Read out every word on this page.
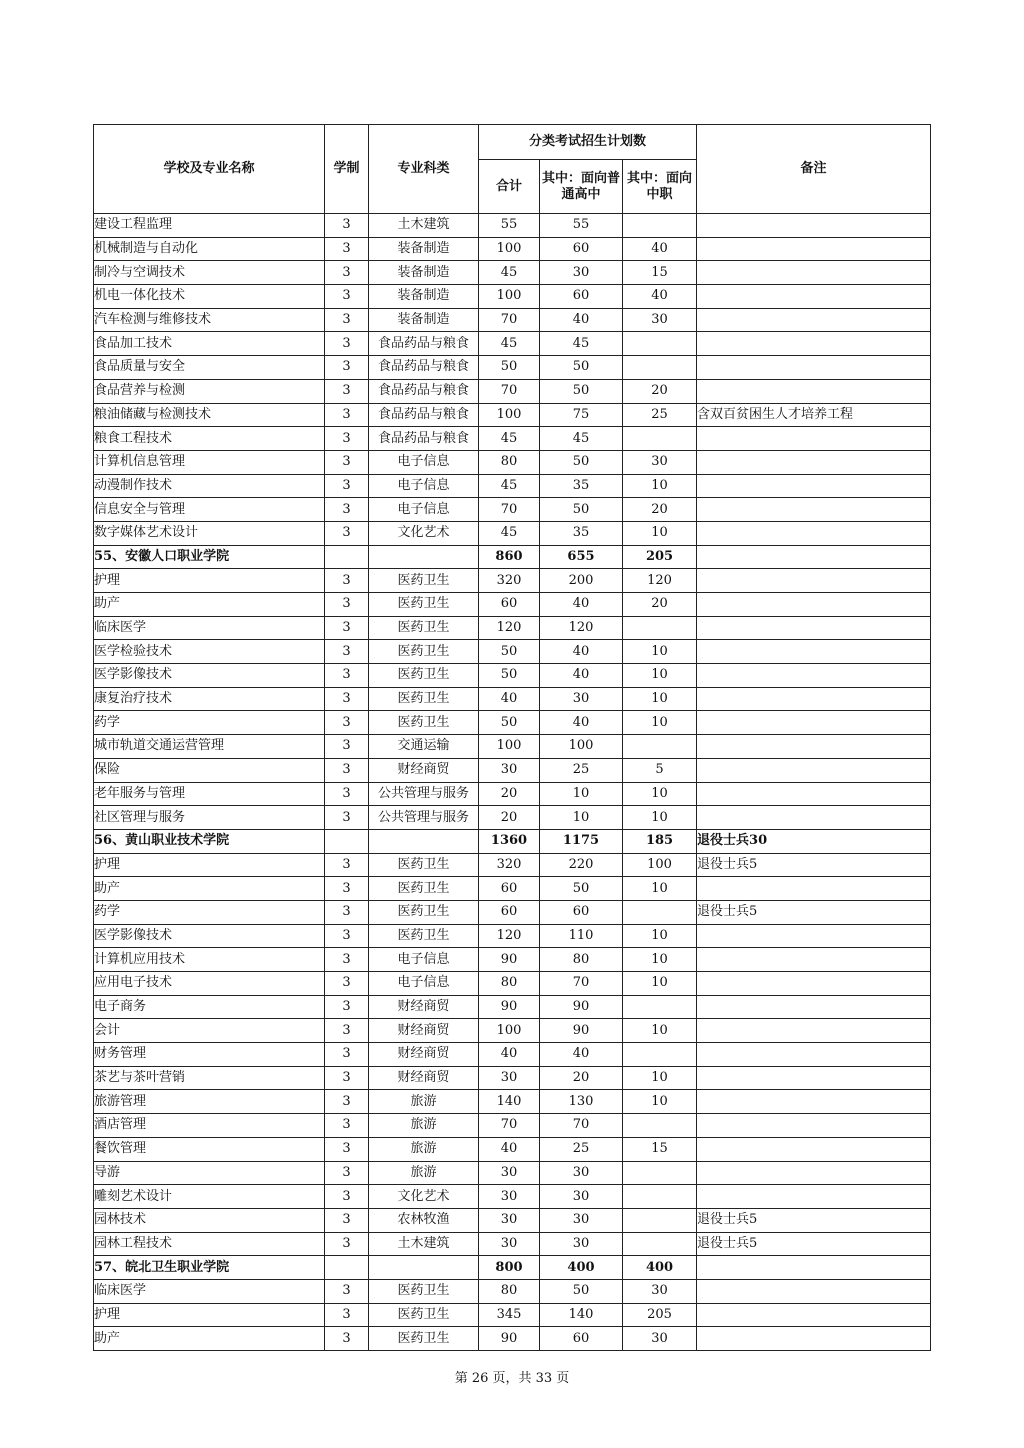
学校及专业名称	学制	专业科类	分类考试招生计划数			备注
			合计	其中：面向普通高中	其中：面向中职	
建设工程监理	3	土木建筑	55	55		
机械制造与自动化	3	装备制造	100	60	40	
制冷与空调技术	3	装备制造	45	30	15	
机电一体化技术	3	装备制造	100	60	40	
汽车检测与维修技术	3	装备制造	70	40	30	
食品加工技术	3	食品药品与粮食	45	45		
食品质量与安全	3	食品药品与粮食	50	50		
食品营养与检测	3	食品药品与粮食	70	50	20	
粮油储藏与检测技术	3	食品药品与粮食	100	75	25	含双百贫困生人才培养工程
粮食工程技术	3	食品药品与粮食	45	45		
计算机信息管理	3	电子信息	80	50	30	
动漫制作技术	3	电子信息	45	35	10	
信息安全与管理	3	电子信息	70	50	20	
数字媒体艺术设计	3	文化艺术	45	35	10	
55、安徽人口职业学院			860	655	205	
护理	3	医药卫生	320	200	120	
助产	3	医药卫生	60	40	20	
临床医学	3	医药卫生	120	120		
医学检验技术	3	医药卫生	50	40	10	
医学影像技术	3	医药卫生	50	40	10	
康复治疗技术	3	医药卫生	40	30	10	
药学	3	医药卫生	50	40	10	
城市轨道交通运营管理	3	交通运输	100	100		
保险	3	财经商贸	30	25	5	
老年服务与管理	3	公共管理与服务	20	10	10	
社区管理与服务	3	公共管理与服务	20	10	10	
56、黄山职业技术学院			1360	1175	185	退役士兵30
护理	3	医药卫生	320	220	100	退役士兵5
助产	3	医药卫生	60	50	10	
药学	3	医药卫生	60	60		退役士兵5
医学影像技术	3	医药卫生	120	110	10	
计算机应用技术	3	电子信息	90	80	10	
应用电子技术	3	电子信息	80	70	10	
电子商务	3	财经商贸	90	90		
会计	3	财经商贸	100	90	10	
财务管理	3	财经商贸	40	40		
茶艺与茶叶营销	3	财经商贸	30	20	10	
旅游管理	3	旅游	140	130	10	
酒店管理	3	旅游	70	70		
餐饮管理	3	旅游	40	25	15	
导游	3	旅游	30	30		
雕刻艺术设计	3	文化艺术	30	30		
园林技术	3	农林牧渔	30	30		退役士兵5
园林工程技术	3	土木建筑	30	30		退役士兵5
57、皖北卫生职业学院			800	400	400	
临床医学	3	医药卫生	80	50	30	
护理	3	医药卫生	345	140	205	
助产	3	医药卫生	90	60	30	
第 26 页，共 33 页
